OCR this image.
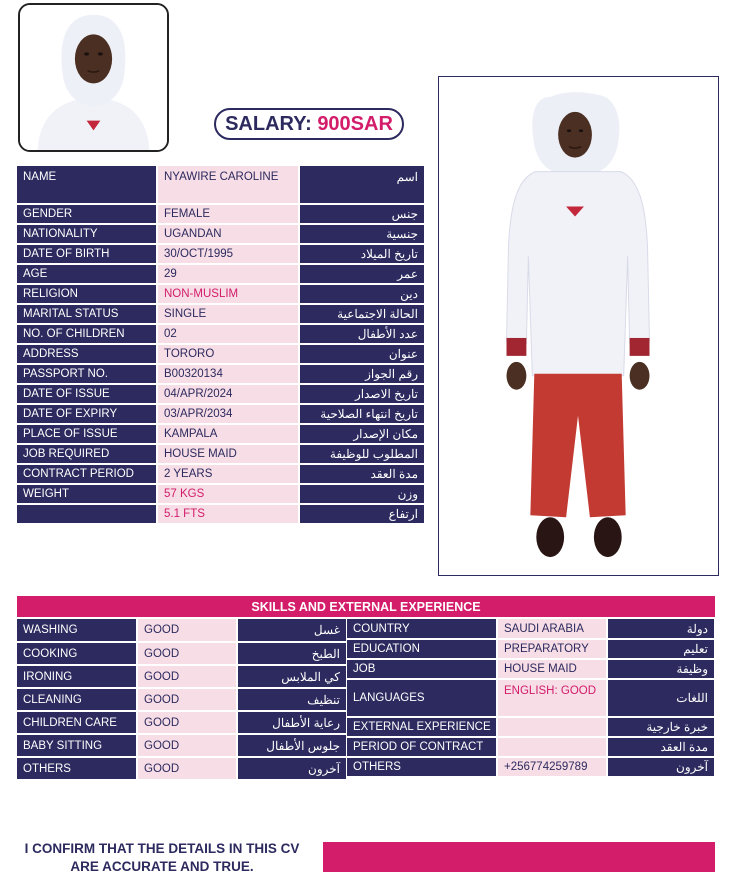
SALARY:
900SAR
NAME	NYAWIRE CAROLINE	اسم
GENDER	FEMALE	جنس
NATIONALITY	UGANDAN	جنسية
DATE OF BIRTH	30/OCT/1995	تاريخ الميلاد
AGE	29	عمر
RELIGION	NON-MUSLIM	دين
MARITAL STATUS	SINGLE	الحالة الاجتماعية
NO. OF CHILDREN	02	عدد الأطفال
ADDRESS	TORORO	عنوان
PASSPORT NO.	B00320134	رقم الجواز
DATE OF ISSUE	04/APR/2024	تاريخ الاصدار
DATE OF EXPIRY	03/APR/2034	تاريخ انتهاء الصلاحية
PLACE OF ISSUE	KAMPALA	مكان الإصدار
JOB REQUIRED	HOUSE MAID	المطلوب للوظيفة
CONTRACT PERIOD	2 YEARS	مدة العقد
WEIGHT	57 KGS	وزن
	5.1 FTS	ارتفاع
SKILLS AND EXTERNAL EXPERIENCE
WASHING	GOOD	غسل
COOKING	GOOD	الطبخ
IRONING	GOOD	كي الملابس
CLEANING	GOOD	تنظيف
CHILDREN CARE	GOOD	رعاية الأطفال
BABY SITTING	GOOD	جلوس الأطفال
OTHERS	GOOD	آخرون
COUNTRY	SAUDI ARABIA	دولة
EDUCATION	PREPARATORY	تعليم
JOB	HOUSE MAID	وظيفة
LANGUAGES	ENGLISH: GOOD	اللغات
EXTERNAL EXPERIENCE		خبرة خارجية
PERIOD OF CONTRACT		مدة العقد
OTHERS	+256774259789	آخرون
I CONFIRM THAT THE DETAILS IN THIS CV ARE ACCURATE AND TRUE.
